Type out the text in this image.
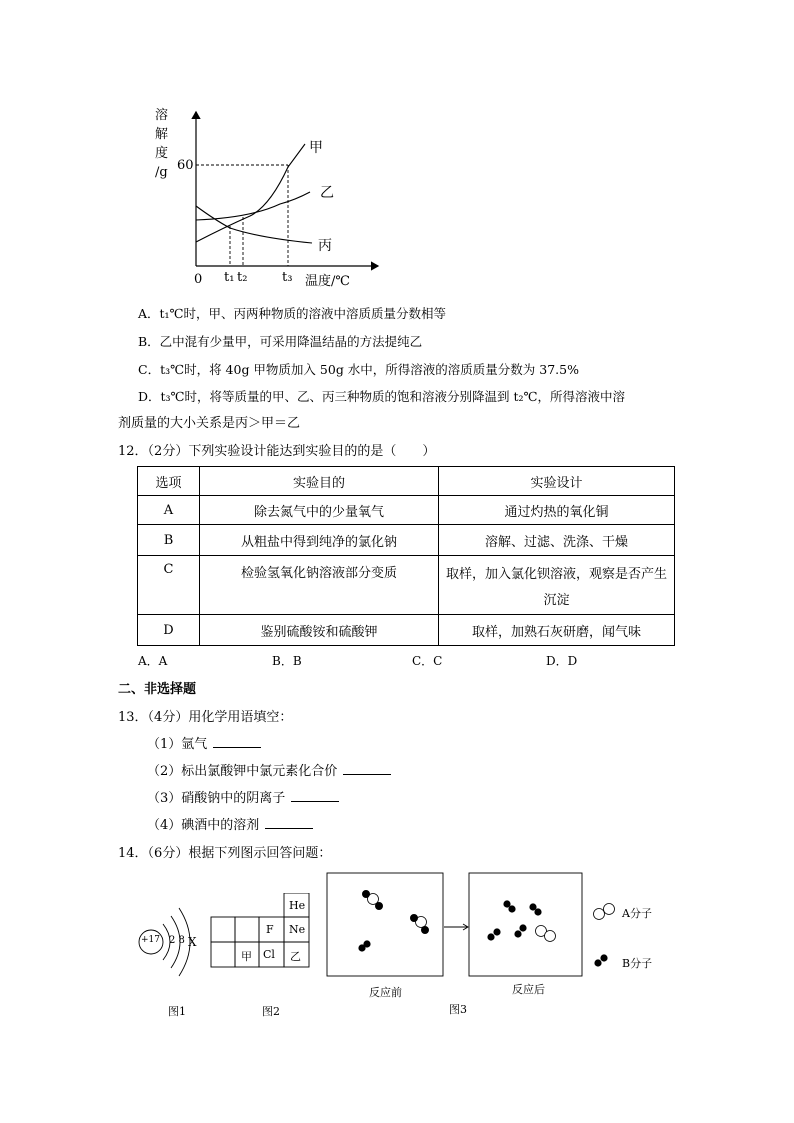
溶
解
度
/g 60
0 t₁ t₂	t₃ 温度/℃
甲
乙
丙
A．t₁℃时，甲、丙两种物质的溶液中溶质质量分数相等
B．乙中混有少量甲，可采用降温结晶的方法提纯乙
C．t₃℃时，将 40g 甲物质加入 50g 水中，所得溶液的溶质质量分数为 37.5%
D．t₃℃时，将等质量的甲、乙、丙三种物质的饱和溶液分别降温到 t₂℃，所得溶液中溶
剂质量的大小关系是丙＞甲＝乙
12．（2分）下列实验设计能达到实验目的的是（　　）
选项	实验目的	实验设计
A	除去氮气中的少量氧气	通过灼热的氧化铜
B	从粗盐中得到纯净的氯化钠	溶解、过滤、洗涤、干燥
C	检验氢氧化钠溶液部分变质	取样，加入氯化钡溶液，观察是否产生沉淀
D	鉴别硫酸铵和硫酸钾	取样，加熟石灰研磨，闻气味
A．A	B．B	C．C	D．D
二、非选择题
13．（4分）用化学用语填空：
（1）氩气
（2）标出氯酸钾中氯元素化合价
（3）硝酸钠中的阴离子
（4）碘酒中的溶剂
14．（6分）根据下列图示回答问题：
+17 2 8 X
图1
He
F Ne
甲 Cl 乙
图2
反应前	反应后
A分子
B分子
图3
